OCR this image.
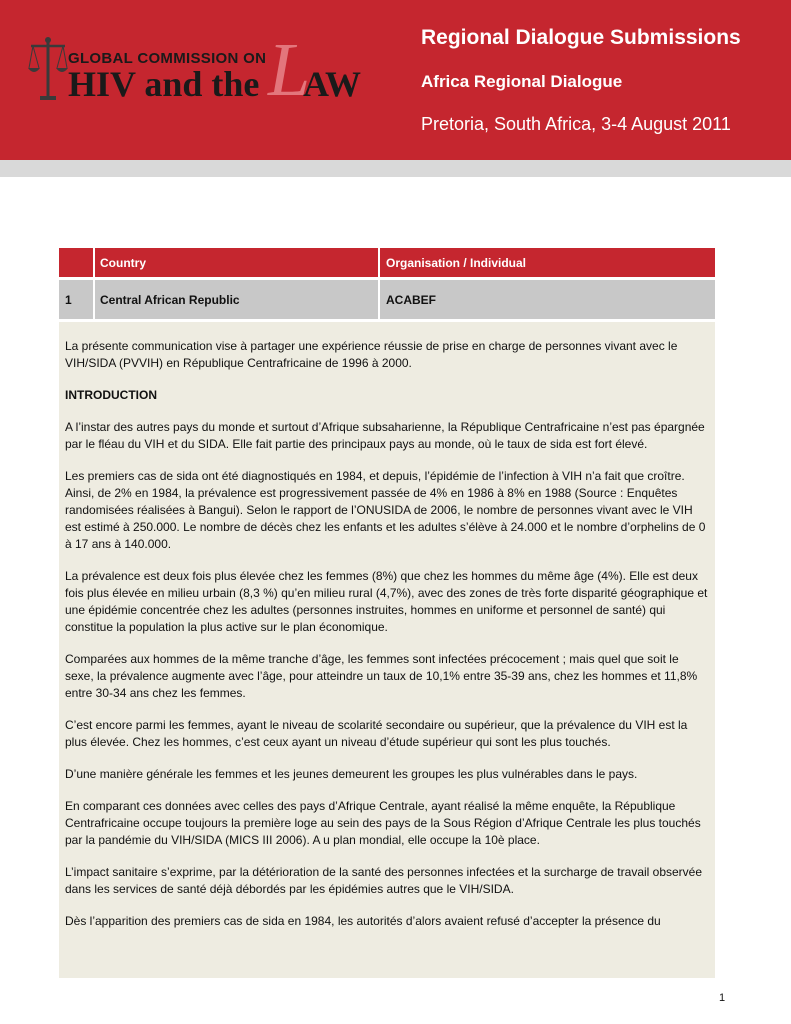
GLOBAL COMMISSION ON
HIV and the L
AW
Regional Dialogue Submissions
Africa Regional Dialogue
Pretoria, South Africa, 3-4 August 2011
Country	Organisation / Individual
1	Central African Republic	ACABEF

La présente communication vise à partager une expérience réussie de prise en charge de personnes vivant avec le VIH/SIDA (PVVIH) en République Centrafricaine de 1996 à 2000.

INTRODUCTION

A l’instar des autres pays du monde et surtout d’Afrique subsaharienne, la République Centrafricaine n’est pas épargnée par le fléau du VIH et du SIDA. Elle fait partie des principaux pays au monde, où le taux de sida est fort élevé.

Les premiers cas de sida ont été diagnostiqués en 1984, et depuis, l’épidémie de l’infection à VIH n’a fait que croître. Ainsi, de 2% en 1984, la prévalence est progressivement passée de 4% en 1986 à 8% en 1988 (Source : Enquêtes randomisées réalisées à Bangui). Selon le rapport de l’ONUSIDA de 2006, le nombre de personnes vivant avec le VIH est estimé à 250.000. Le nombre de décès chez les enfants et les adultes s’élève à 24.000 et le nombre d’orphelins de 0 à 17 ans à 140.000.

La prévalence est deux fois plus élevée chez les femmes (8%) que chez les hommes du même âge (4%). Elle est deux fois plus élevée en milieu urbain (8,3 %) qu’en milieu rural (4,7%), avec des zones de très forte disparité géographique et une épidémie concentrée chez les adultes (personnes instruites, hommes en uniforme et personnel de santé) qui constitue la population la plus active sur le plan économique.

Comparées aux hommes de la même tranche d’âge, les femmes sont infectées précocement ; mais quel que soit le sexe, la prévalence augmente avec l’âge, pour atteindre un taux de 10,1% entre 35-39 ans, chez les hommes et 11,8% entre 30-34 ans chez les femmes.

C’est encore parmi les femmes, ayant le niveau de scolarité secondaire ou supérieur, que la prévalence du VIH est la plus élevée. Chez les hommes, c’est ceux ayant un niveau d’étude supérieur qui sont les plus touchés.

D’une manière générale les femmes et les jeunes demeurent les groupes les plus vulnérables dans le pays.

En comparant ces données avec celles des pays d’Afrique Centrale, ayant réalisé la même enquête, la République Centrafricaine occupe toujours la première loge au sein des pays de la Sous Région d’Afrique Centrale les plus touchés par la pandémie du VIH/SIDA (MICS III 2006). A u plan mondial, elle occupe la 10è place.

L’impact sanitaire s’exprime, par la détérioration de la santé des personnes infectées et la surcharge de travail observée dans les services de santé déjà débordés par les épidémies autres que le VIH/SIDA.

Dès l’apparition des premiers cas de sida en 1984, les autorités d’alors avaient refusé d’accepter la présence du

1
